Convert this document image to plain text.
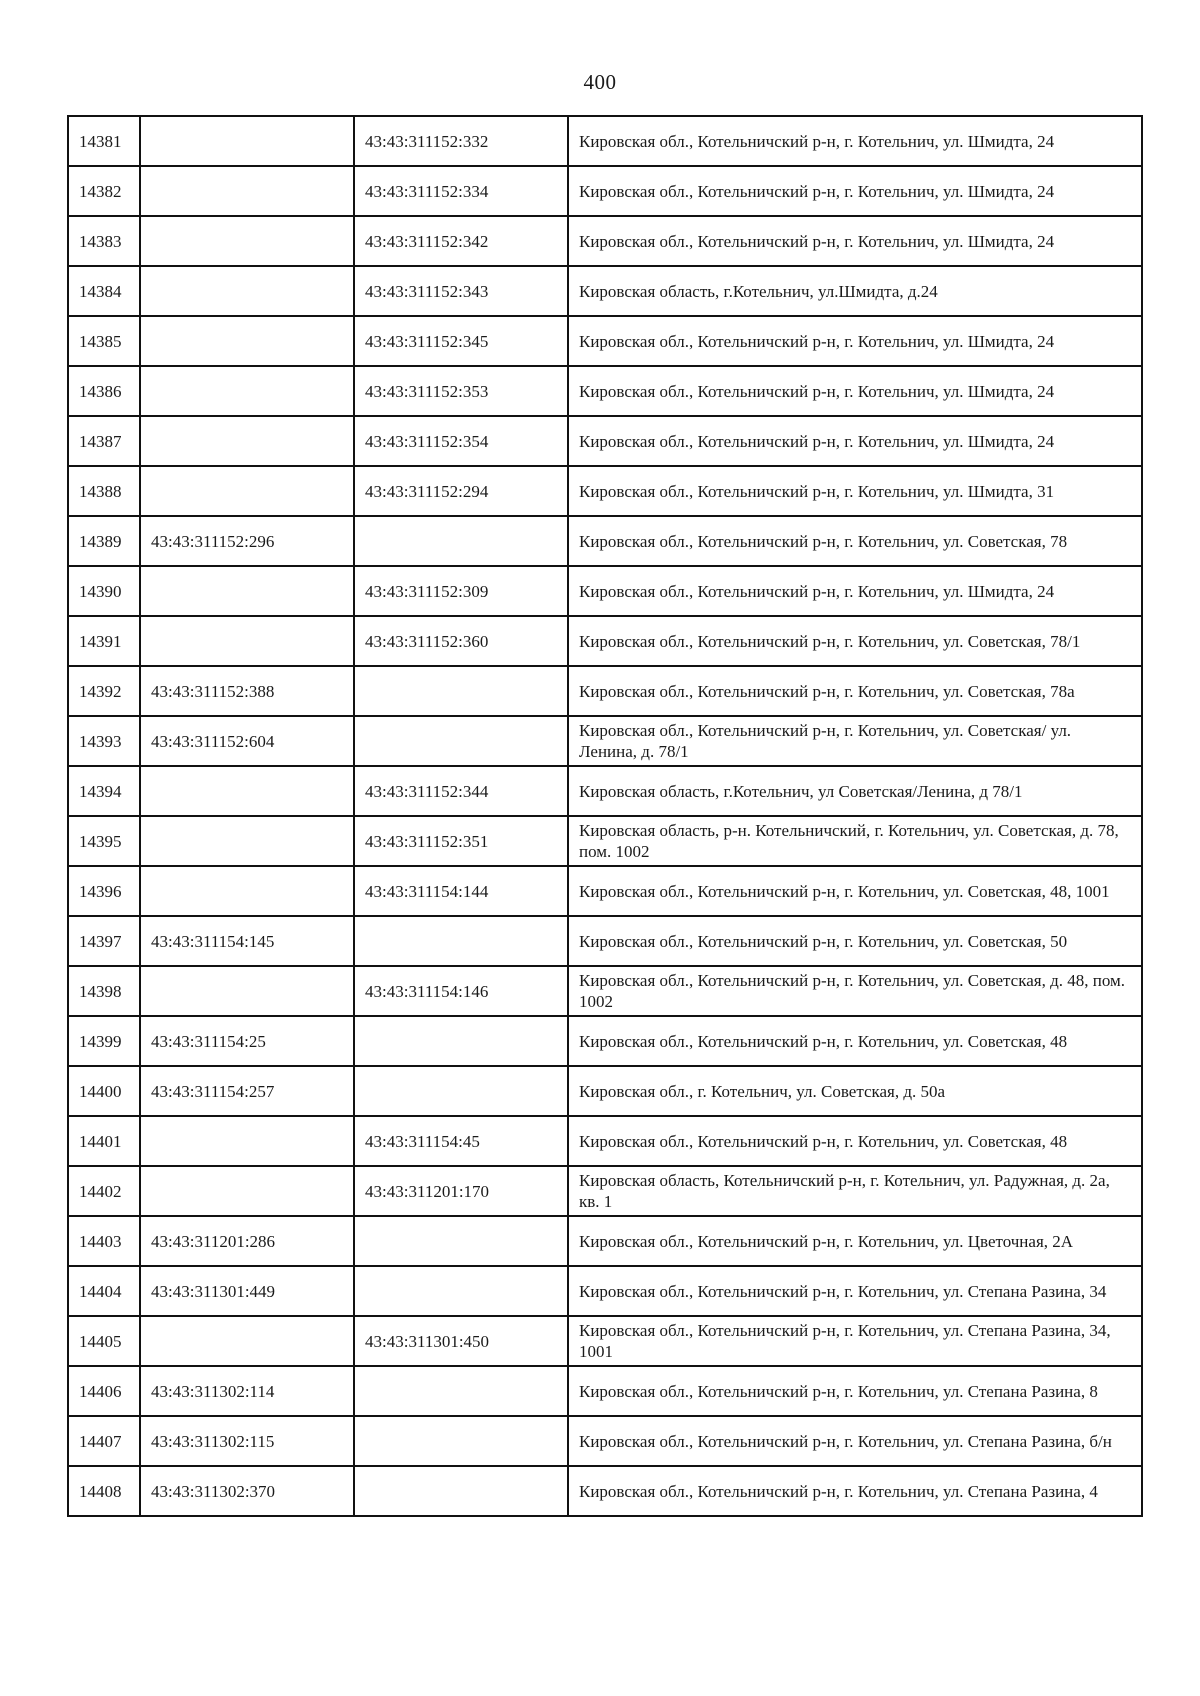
400
14381		43:43:311152:332	Кировская обл., Котельничский р-н, г. Котельнич, ул. Шмидта, 24
14382		43:43:311152:334	Кировская обл., Котельничский р-н, г. Котельнич, ул. Шмидта, 24
14383		43:43:311152:342	Кировская обл., Котельничский р-н, г. Котельнич, ул. Шмидта, 24
14384		43:43:311152:343	Кировская область, г.Котельнич, ул.Шмидта, д.24
14385		43:43:311152:345	Кировская обл., Котельничский р-н, г. Котельнич, ул. Шмидта, 24
14386		43:43:311152:353	Кировская обл., Котельничский р-н, г. Котельнич, ул. Шмидта, 24
14387		43:43:311152:354	Кировская обл., Котельничский р-н, г. Котельнич, ул. Шмидта, 24
14388		43:43:311152:294	Кировская обл., Котельничский р-н, г. Котельнич, ул. Шмидта, 31
14389	43:43:311152:296		Кировская обл., Котельничский р-н, г. Котельнич, ул. Советская, 78
14390		43:43:311152:309	Кировская обл., Котельничский р-н, г. Котельнич, ул. Шмидта, 24
14391		43:43:311152:360	Кировская обл., Котельничский р-н, г. Котельнич, ул. Советская, 78/1
14392	43:43:311152:388		Кировская обл., Котельничский р-н, г. Котельнич, ул. Советская, 78а
14393	43:43:311152:604		Кировская обл., Котельничский р-н, г. Котельнич, ул. Советская/ ул. Ленина, д. 78/1
14394		43:43:311152:344	Кировская область, г.Котельнич, ул Советская/Ленина, д 78/1
14395		43:43:311152:351	Кировская область, р-н. Котельничский, г. Котельнич, ул. Советская, д. 78, пом. 1002
14396		43:43:311154:144	Кировская обл., Котельничский р-н, г. Котельнич, ул. Советская, 48, 1001
14397	43:43:311154:145		Кировская обл., Котельничский р-н, г. Котельнич, ул. Советская, 50
14398		43:43:311154:146	Кировская обл., Котельничский р-н, г. Котельнич, ул. Советская, д. 48, пом. 1002
14399	43:43:311154:25		Кировская обл., Котельничский р-н, г. Котельнич, ул. Советская, 48
14400	43:43:311154:257		Кировская обл., г. Котельнич, ул. Советская, д. 50а
14401		43:43:311154:45	Кировская обл., Котельничский р-н, г. Котельнич, ул. Советская, 48
14402		43:43:311201:170	Кировская область, Котельничский р-н, г. Котельнич, ул. Радужная, д. 2а, кв. 1
14403	43:43:311201:286		Кировская обл., Котельничский р-н, г. Котельнич, ул. Цветочная, 2А
14404	43:43:311301:449		Кировская обл., Котельничский р-н, г. Котельнич, ул. Степана Разина, 34
14405		43:43:311301:450	Кировская обл., Котельничский р-н, г. Котельнич, ул. Степана Разина, 34, 1001
14406	43:43:311302:114		Кировская обл., Котельничский р-н, г. Котельнич, ул. Степана Разина, 8
14407	43:43:311302:115		Кировская обл., Котельничский р-н, г. Котельнич, ул. Степана Разина, б/н
14408	43:43:311302:370		Кировская обл., Котельничский р-н, г. Котельнич, ул. Степана Разина, 4
